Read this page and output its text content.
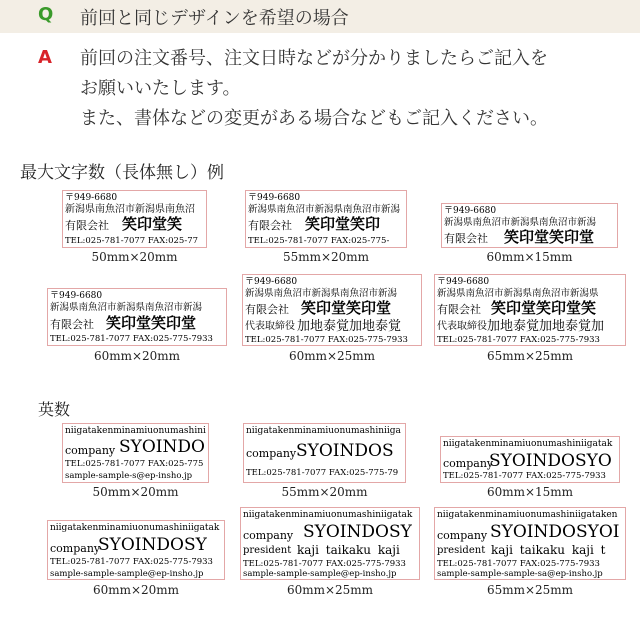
Q 前回と同じデザインを希望の場合
A 前回の注文番号、注文日時などが分かりましたらご記入を
お願いいたします。
また、書体などの変更がある場合などもご記入ください。
最大文字数（長体無し）例
〒949-6680
新潟県南魚沼市新潟県南魚沼
有限会社 笑印堂笑
TEL:025-781-7077 FAX:025-77
50mm×20mm
〒949-6680
新潟県南魚沼市新潟県南魚沼市新潟
有限会社 笑印堂笑印
TEL:025-781-7077 FAX:025-775-
55mm×20mm
〒949-6680
新潟県南魚沼市新潟県南魚沼市新潟
有限会社 笑印堂笑印堂
60mm×15mm
〒949-6680
新潟県南魚沼市新潟県南魚沼市新潟
有限会社 笑印堂笑印堂
TEL:025-781-7077 FAX:025-775-7933
60mm×20mm
〒949-6680
新潟県南魚沼市新潟県南魚沼市新潟
有限会社 笑印堂笑印堂
代表取締役 加地泰覚加地泰覚
TEL:025-781-7077 FAX:025-775-7933
60mm×25mm
〒949-6680
新潟県南魚沼市新潟県南魚沼市新潟県
有限会社 笑印堂笑印堂笑
代表取締役 加地泰覚加地泰覚加
TEL:025-781-7077 FAX:025-775-7933
65mm×25mm
英数
niigatakenminamiuonumashini
company SYOINDO
TEL:025-781-7077 FAX:025-775
sample-sample-s@ep-insho.jp
50mm×20mm
niigatakenminamiuonumashiniiga
company SYOINDOS
TEL:025-781-7077 FAX:025-775-79
55mm×20mm
niigatakenminamiuonumashiniigatak
company
SYOINDOSYO
TEL:025-781-7077 FAX:025-775-7933
60mm×15mm
niigatakenminamiuonumashiniigatak
company
SYOINDOSY
TEL:025-781-7077 FAX:025-775-7933
sample-sample-sample@ep-insho.jp
60mm×20mm
niigatakenminamiuonumashiniigatak
company SYOINDOSY
president kaji taikaku kaji
TEL:025-781-7077 FAX:025-775-7933
sample-sample-sample@ep-insho.jp
60mm×25mm
niigatakenminamiuonumashiniigataken
company SYOINDOSYOI
president kaji taikaku kaji t
TEL:025-781-7077 FAX:025-775-7933
sample-sample-sample-sa@ep-insho.jp
65mm×25mm
